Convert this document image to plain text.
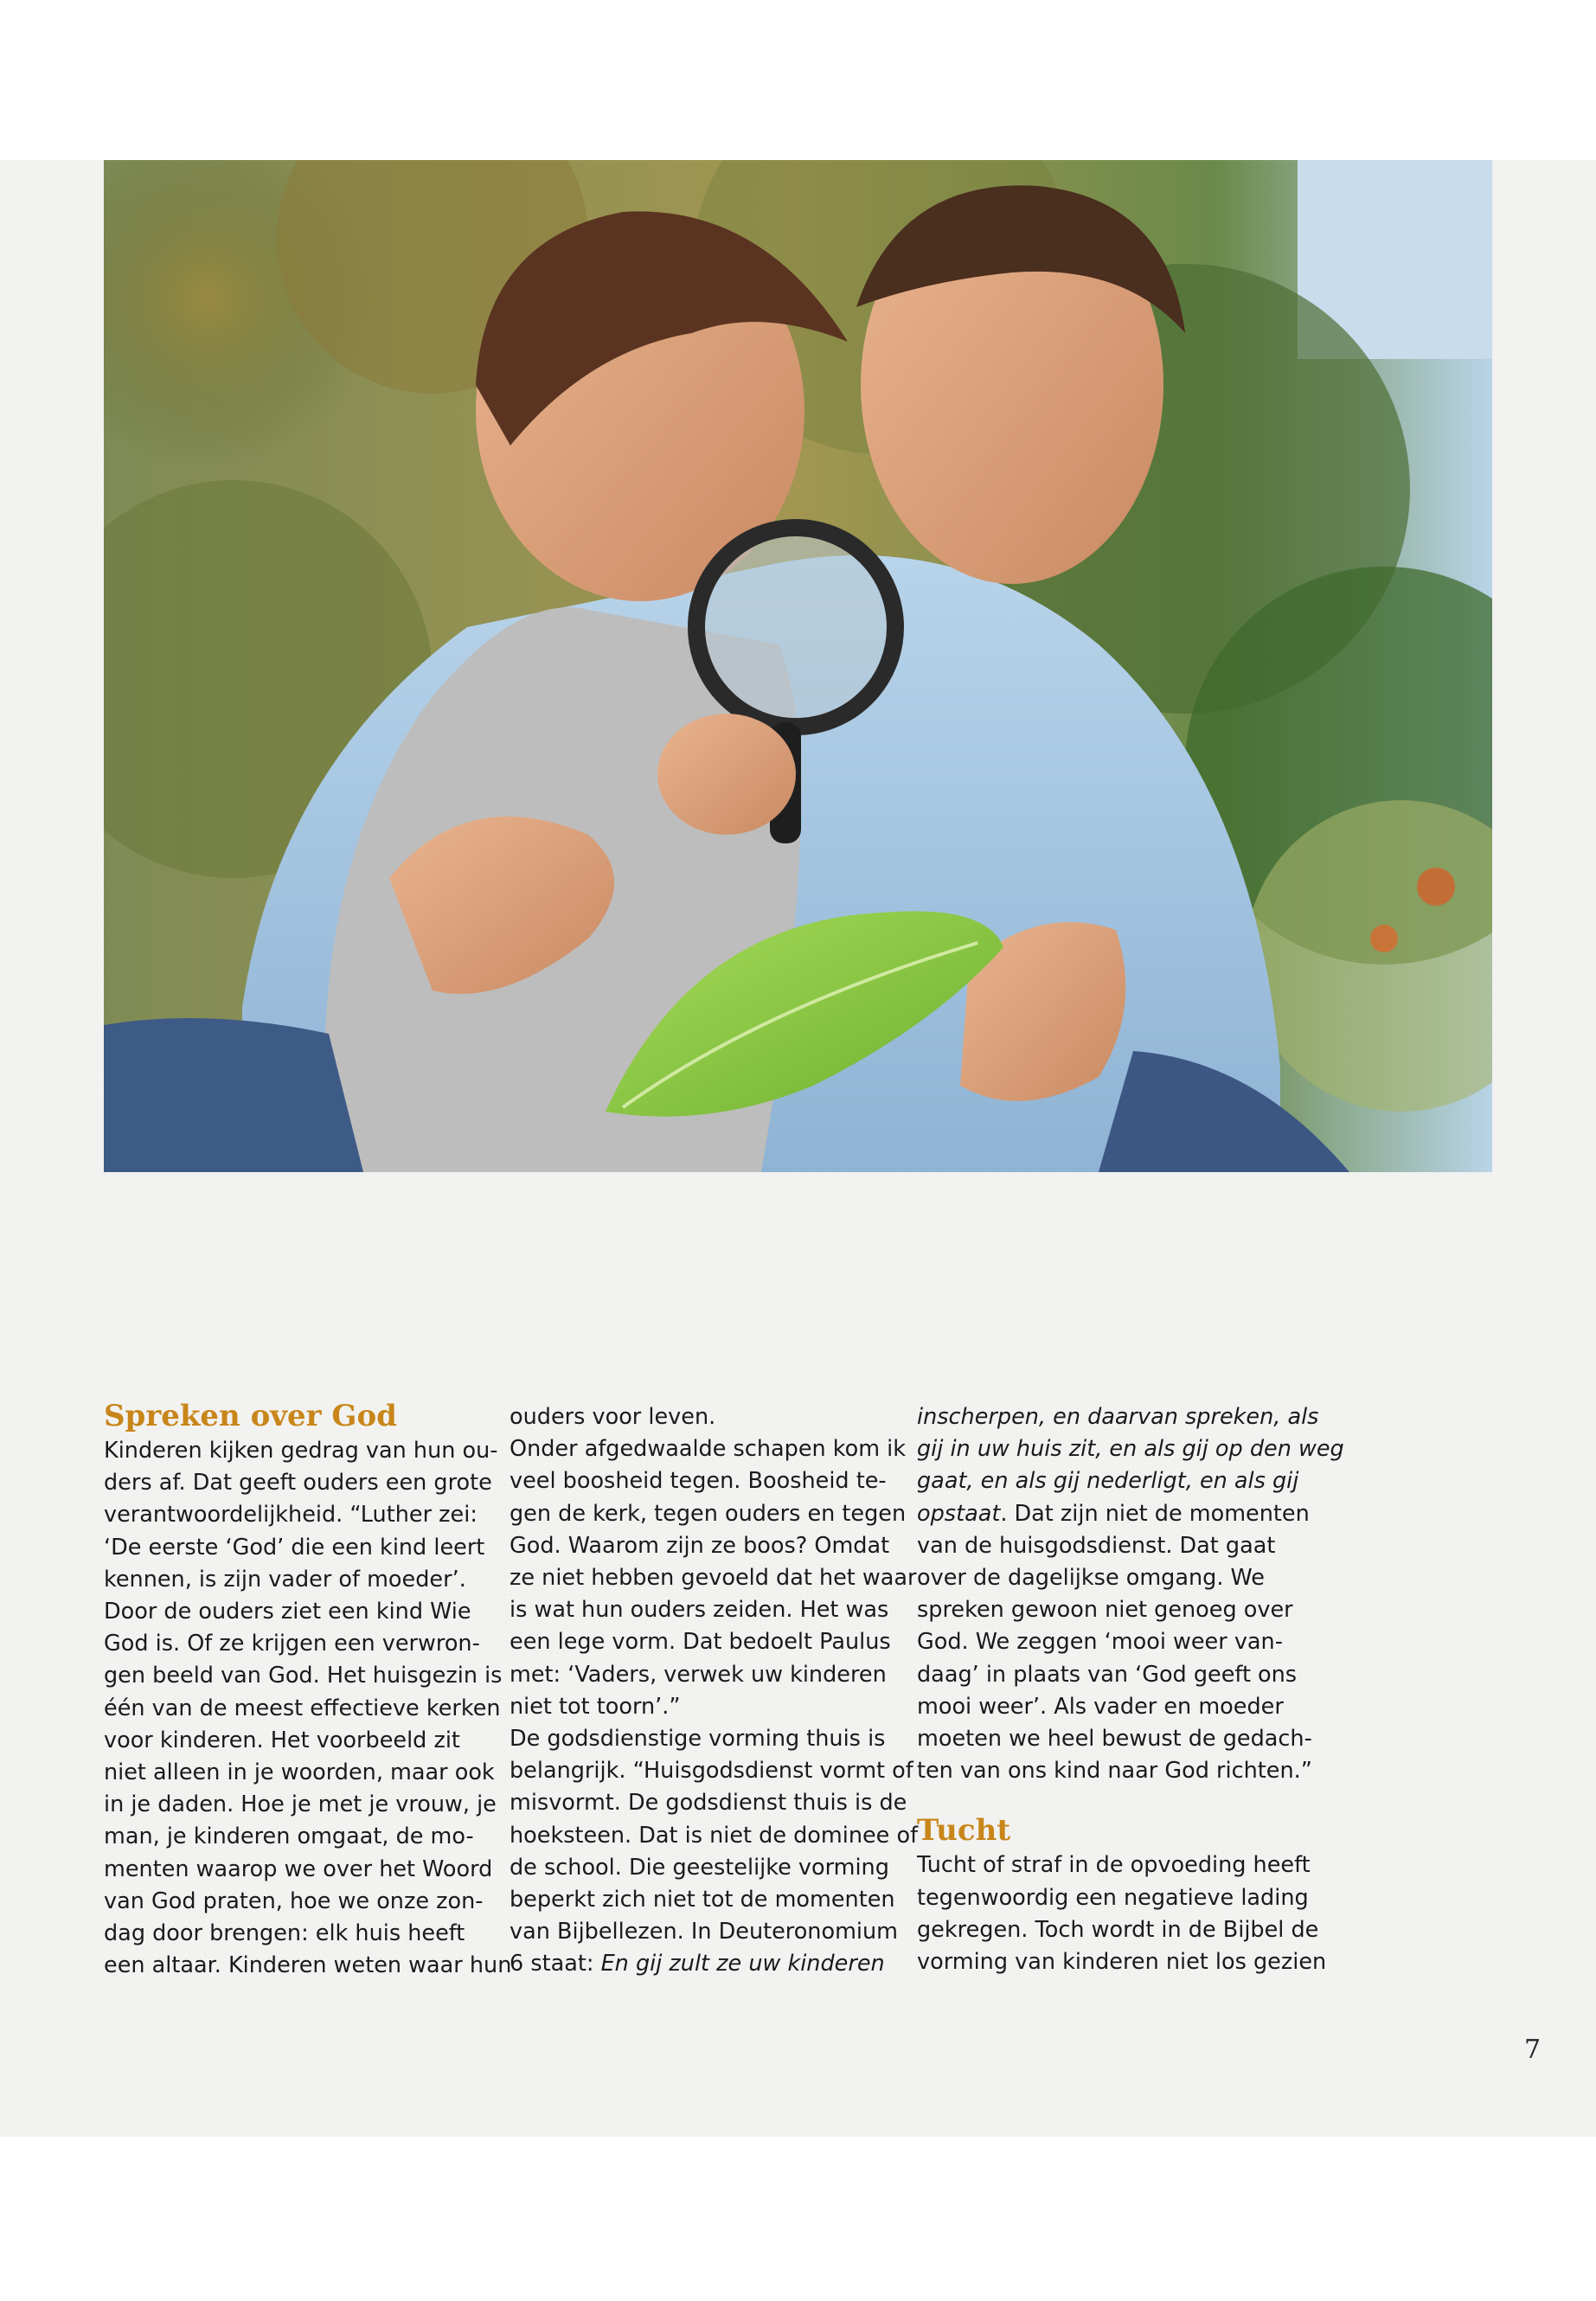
Spreken over God

Kinderen kijken gedrag van hun ou-
ders af. Dat geeft ouders een grote
verantwoordelijkheid. “Luther zei:
‘De eerste ‘God’ die een kind leert
kennen, is zijn vader of moeder’.
Door de ouders ziet een kind Wie
God is. Of ze krijgen een verwron-
gen beeld van God. Het huisgezin is
één van de meest effectieve kerken
voor kinderen. Het voorbeeld zit
niet alleen in je woorden, maar ook
in je daden. Hoe je met je vrouw, je
man, je kinderen omgaat, de mo-
menten waarop we over het Woord
van God praten, hoe we onze zon-
dag door brengen: elk huis heeft
een altaar. Kinderen weten waar hun

ouders voor leven.
Onder afgedwaalde schapen kom ik
veel boosheid tegen. Boosheid te-
gen de kerk, tegen ouders en tegen
God. Waarom zijn ze boos? Omdat
ze niet hebben gevoeld dat het waar
is wat hun ouders zeiden. Het was
een lege vorm. Dat bedoelt Paulus
met: ‘Vaders, verwek uw kinderen
niet tot toorn’.”
De godsdienstige vorming thuis is
belangrijk. “Huisgodsdienst vormt of
misvormt. De godsdienst thuis is de
hoeksteen. Dat is niet de dominee of
de school. Die geestelijke vorming
beperkt zich niet tot de momenten
van Bijbellezen. In Deuteronomium
6 staat: En gij zult ze uw kinderen

inscherpen, en daarvan spreken, als
gij in uw huis zit, en als gij op den weg
gaat, en als gij nederligt, en als gij
opstaat. Dat zijn niet de momenten
van de huisgodsdienst. Dat gaat
over de dagelijkse omgang. We
spreken gewoon niet genoeg over
God. We zeggen ‘mooi weer van-
daag’ in plaats van ‘God geeft ons
mooi weer’. Als vader en moeder
moeten we heel bewust de gedach-
ten van ons kind naar God richten.”

Tucht

Tucht of straf in de opvoeding heeft
tegenwoordig een negatieve lading
gekregen. Toch wordt in de Bijbel de
vorming van kinderen niet los gezien

7
